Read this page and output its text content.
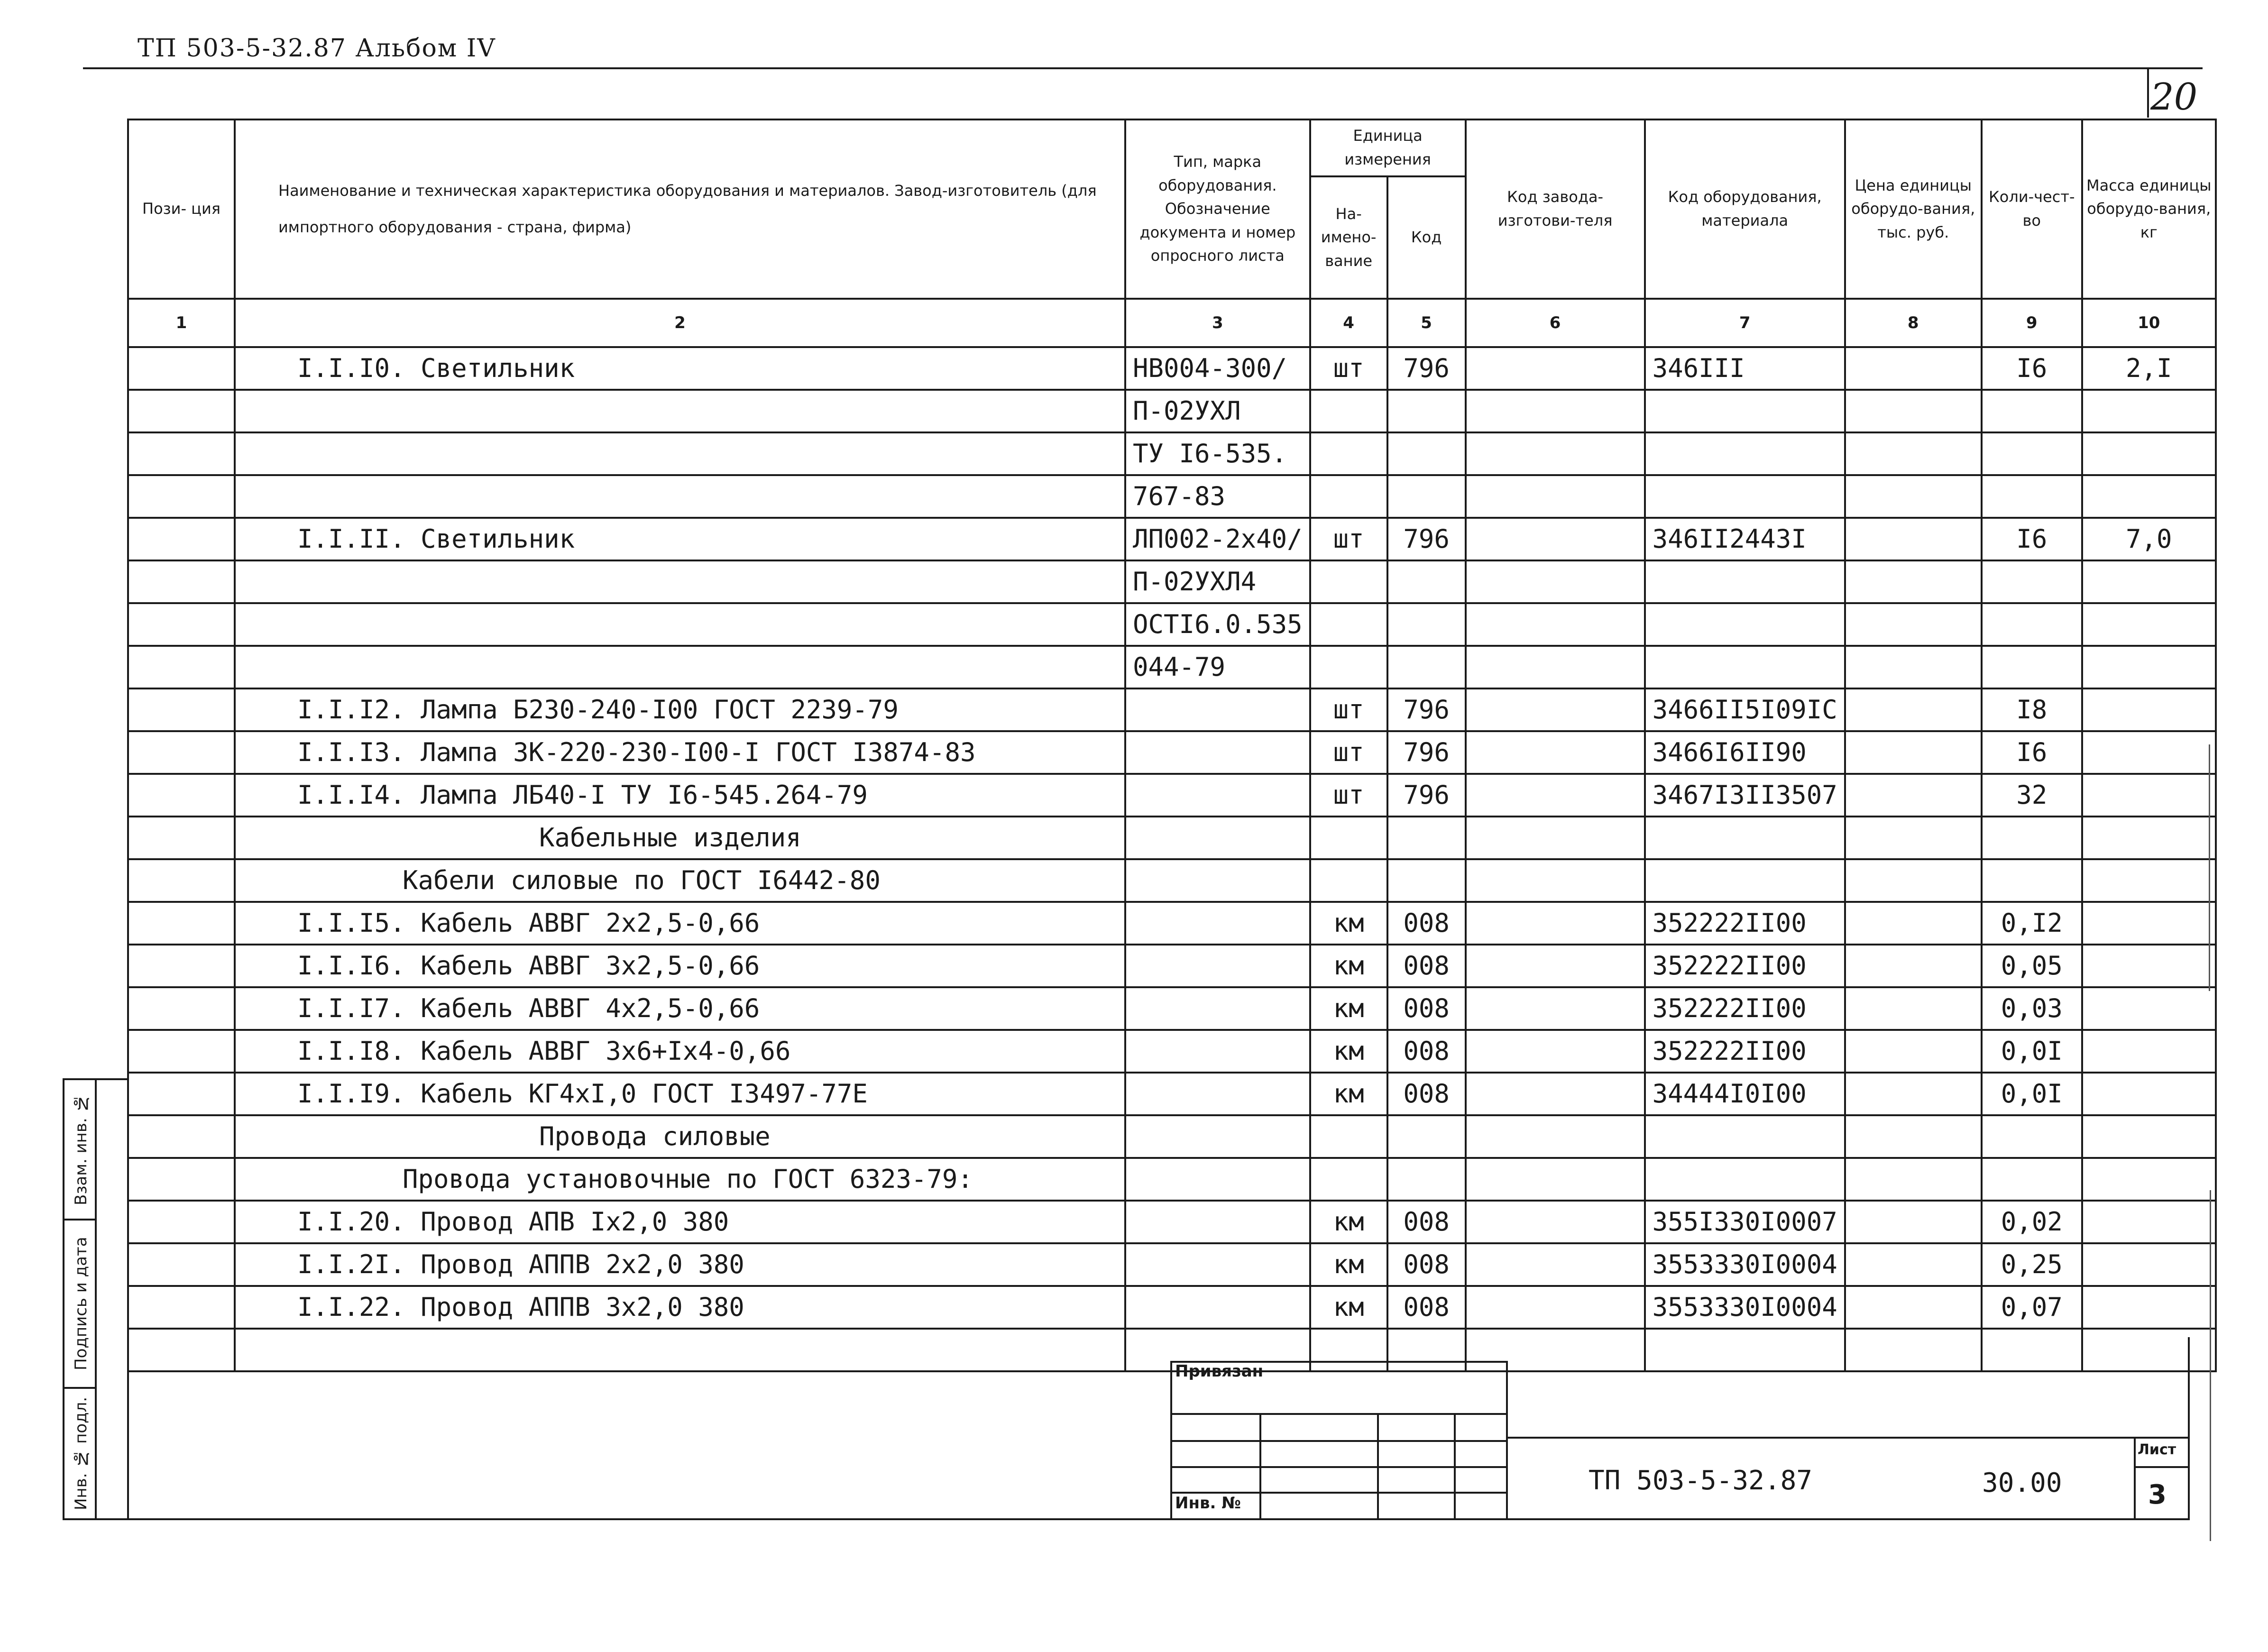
ТП 503-5-32.87 Альбом IV
20
Пози- ция	Наименование и техническая характеристика оборудования и материалов. Завод-изготовитель (для импортного оборудования - страна, фирма)	Тип, марка оборудования. Обозначение документа и номер опросного листа	Единица измерения		Код завода-изготови-теля	Код оборудования, материала	Цена единицы оборудо-вания, тыс. руб.	Коли-чест-во	Масса единицы оборудо-вания, кг
			На-имено-вание	Код					
1	2	3	4	5	6	7	8	9	10
	I.I.I0. Светильник	НВ004-300/	шт	796		346III		I6	2,I
		П-02УХЛ							
		ТУ I6-535.							
		767-83							
	I.I.II. Светильник	ЛП002-2х40/	шт	796		346II2443I		I6	7,0
		П-02УХЛ4							
		ОСТI6.0.535							
		044-79							
	I.I.I2. Лампа Б230-240-I00 ГОСТ 2239-79		шт	796		3466II5I09IC		I8	
	I.I.I3. Лампа ЗК-220-230-I00-I ГОСТ I3874-83		шт	796		3466I6II90		I6	
	I.I.I4. Лампа ЛБ40-I ТУ I6-545.264-79		шт	796		3467I3II3507		32	
	Кабельные изделия								
	Кабели силовые по ГОСТ I6442-80								
	I.I.I5. Кабель АВВГ 2х2,5-0,66		км	008		352222II00		0,I2	
	I.I.I6. Кабель АВВГ 3х2,5-0,66		км	008		352222II00		0,05	
	I.I.I7. Кабель АВВГ 4х2,5-0,66		км	008		352222II00		0,03	
	I.I.I8. Кабель АВВГ 3х6+Iх4-0,66		км	008		352222II00		0,0I	
	I.I.I9. Кабель КГ4хI,0 ГОСТ I3497-77Е		км	008		34444I0I00		0,0I	
	Провода силовые								
	Провода установочные по ГОСТ 6323-79:								
	I.I.20. Провод АПВ Iх2,0 380		км	008		355I330I0007		0,02	
	I.I.2I. Провод АППВ 2х2,0 380		км	008		3553330I0004		0,25	
	I.I.22. Провод АППВ 3х2,0 380		км	008		3553330I0004		0,07	

Взам. инв. №
Подпись и дата
Инв. № подл.
Привязан
Инв. №
ТП 503-5-32.87	30.00
Лист
3
